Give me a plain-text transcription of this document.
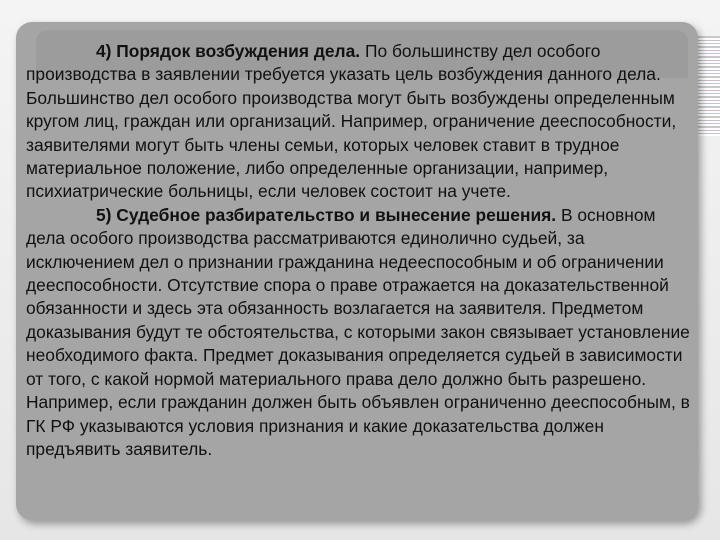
4) Порядок возбуждения дела. По большинству дел особого производства в заявлении требуется указать цель возбуждения данного дела. Большинство дел особого производства могут быть возбуждены определенным кругом лиц, граждан или организаций. Например, ограничение дееспособности, заявителями могут быть члены семьи, которых человек ставит в трудное материальное положение, либо определенные организации, например, психиатрические больницы, если человек состоит на учете.

5) Судебное разбирательство и вынесение решения. В основном дела особого производства рассматриваются единолично судьей, за исключением дел о признании гражданина недееспособным и об ограничении дееспособности. Отсутствие спора о праве отражается на доказательственной обязанности и здесь эта обязанность возлагается на заявителя. Предметом доказывания будут те обстоятельства, с которыми закон связывает установление необходимого факта. Предмет доказывания определяется судьей в зависимости от того, с какой нормой материального права дело должно быть разрешено. Например, если гражданин должен быть объявлен ограниченно дееспособным, в ГК РФ указываются условия признания и какие доказательства должен предъявить заявитель.
